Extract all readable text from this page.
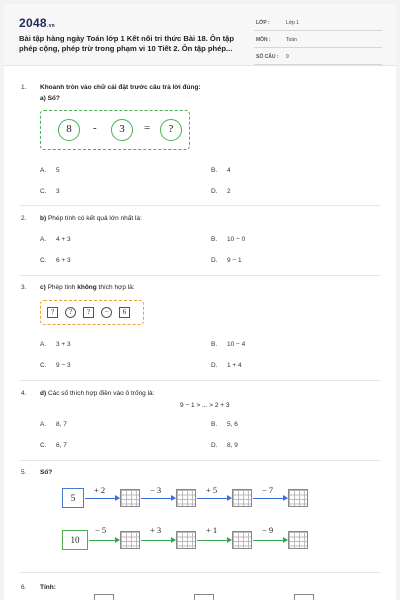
2048.vn
Bài tập hàng ngày Toán lớp 1 Kết nối tri thức Bài 18. Ôn tập
phép cộng, phép trừ trong phạm vi 10 Tiết 2. Ôn tập phép...
LỚP :	Lớp 1
MÔN :	Toán
SỐ CÂU : 9
1. Khoanh tròn vào chữ cái đặt trước câu trả lời đúng:
a) Số?
8	-	3	=	?
A. 5	B. 4
C. 3	D. 2
2. b) Phép tính có kết quả lớn nhất là:
A. 4 + 3	B. 10 − 0
C. 6 + 3	D. 9 − 1
3. c) Phép tính không thích hợp là:
?	?	?	−	6
A. 3 + 3	B. 10 − 4
C. 9 − 3	D. 1 + 4
4. d) Các số thích hợp điền vào ô trống là:
9 − 1 > ... > 2 + 3
A. 8, 7	B. 5, 6
C. 6, 7	D. 8, 9
5. Số?
5
+ 2	− 3	+ 5	− 7
10
− 5	+ 3	+ 1	− 9
6. Tính:
